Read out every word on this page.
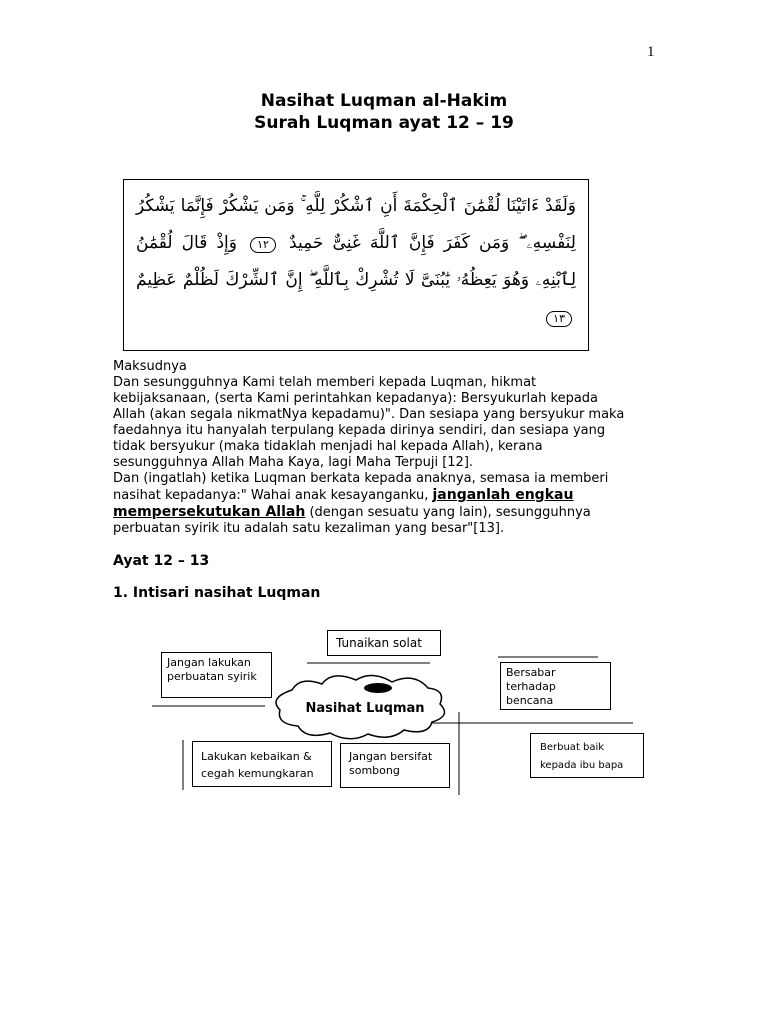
1
Nasihat Luqman al-Hakim
Surah Luqman ayat 12 – 19
وَلَقَدْ ءَاتَيْنَا لُقْمَٰنَ ٱلْحِكْمَةَ أَنِ ٱشْكُرْ لِلَّهِ ۚ وَمَن يَشْكُرْ فَإِنَّمَا يَشْكُرُ لِنَفْسِهِۦ ۖ وَمَن كَفَرَ فَإِنَّ ٱللَّهَ غَنِىٌّ حَمِيدٌ ١٢ وَإِذْ قَالَ لُقْمَٰنُ لِٱبْنِهِۦ وَهُوَ يَعِظُهُۥ يَٰبُنَىَّ لَا تُشْرِكْ بِٱللَّهِ ۖ إِنَّ ٱلشِّرْكَ لَظُلْمٌ عَظِيمٌ ١٣

Maksudnya

Dan sesungguhnya Kami telah memberi kepada Luqman, hikmat kebijaksanaan, (serta Kami perintahkan kepadanya): Bersyukurlah kepada Allah (akan segala nikmatNya kepadamu)". Dan sesiapa yang bersyukur maka faedahnya itu hanyalah terpulang kepada dirinya sendiri, dan sesiapa yang tidak bersyukur (maka tidaklah menjadi hal kepada Allah), kerana sesungguhnya Allah Maha Kaya, lagi Maha Terpuji [12].

Dan (ingatlah) ketika Luqman berkata kepada anaknya, semasa ia memberi nasihat kepadanya:" Wahai anak kesayanganku, janganlah engkau mempersekutukan Allah (dengan sesuatu yang lain), sesungguhnya perbuatan syirik itu adalah satu kezaliman yang besar"[13].

Ayat 12 – 13
1. Intisari nasihat Luqman
Tunaikan solat
Jangan lakukan perbuatan syirik	Bersabar terhadap bencana
Nasihat Luqman
Lakukan kebaikan & cegah kemungkaran
Jangan bersifat sombong
Berbuat baik kepada ibu bapa
